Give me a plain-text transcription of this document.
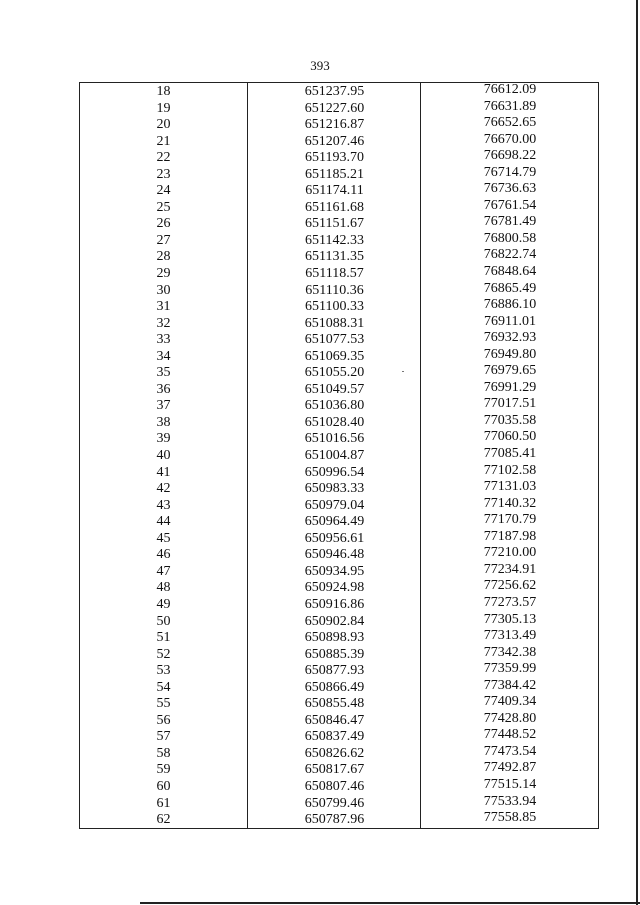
393
18	651237.95	76612.09
19	651227.60	76631.89
20	651216.87	76652.65
21	651207.46	76670.00
22	651193.70	76698.22
23	651185.21	76714.79
24	651174.11	76736.63
25	651161.68	76761.54
26	651151.67	76781.49
27	651142.33	76800.58
28	651131.35	76822.74
29	651118.57	76848.64
30	651110.36	76865.49
31	651100.33	76886.10
32	651088.31	76911.01
33	651077.53	76932.93
34	651069.35	76949.80
35	651055.20	76979.65
36	651049.57	76991.29
37	651036.80	77017.51
38	651028.40	77035.58
39	651016.56	77060.50
40	651004.87	77085.41
41	650996.54	77102.58
42	650983.33	77131.03
43	650979.04	77140.32
44	650964.49	77170.79
45	650956.61	77187.98
46	650946.48	77210.00
47	650934.95	77234.91
48	650924.98	77256.62
49	650916.86	77273.57
50	650902.84	77305.13
51	650898.93	77313.49
52	650885.39	77342.38
53	650877.93	77359.99
54	650866.49	77384.42
55	650855.48	77409.34
56	650846.47	77428.80
57	650837.49	77448.52
58	650826.62	77473.54
59	650817.67	77492.87
60	650807.46	77515.14
61	650799.46	77533.94
62	650787.96	77558.85
